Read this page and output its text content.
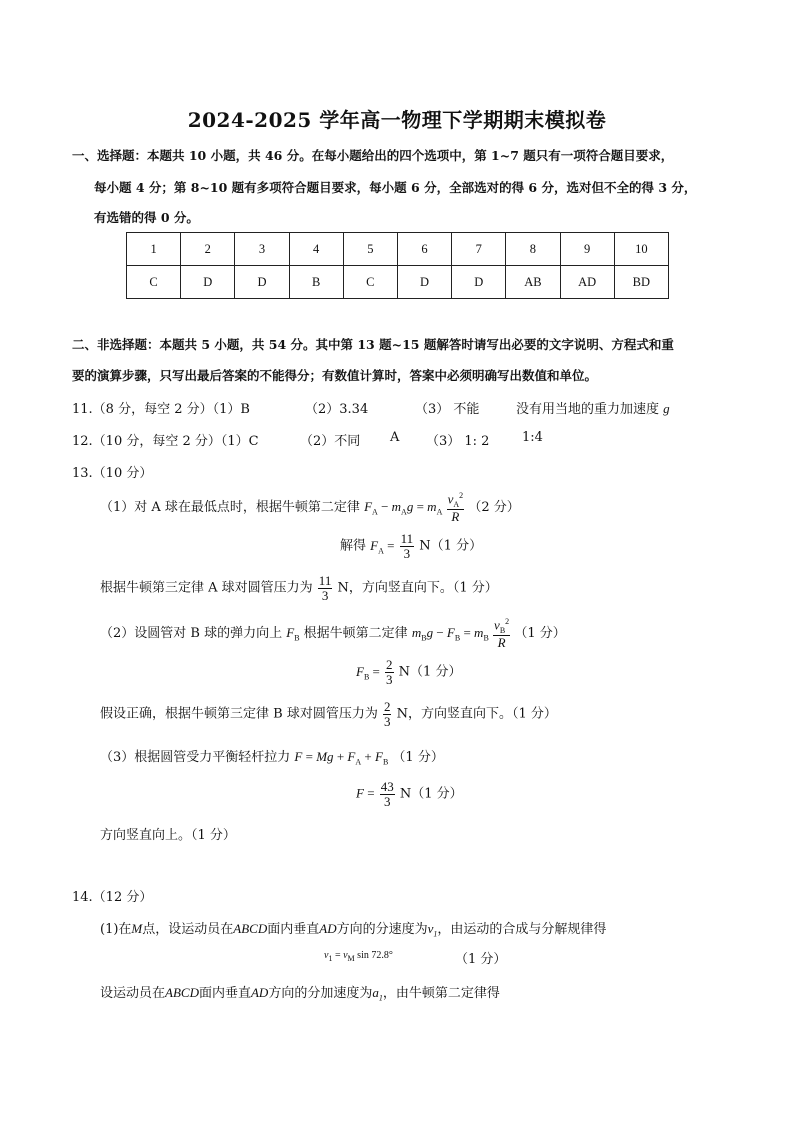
2024-2025 学年高一物理下学期期末模拟卷
一、选择题：本题共 10 小题，共 46 分。在每小题给出的四个选项中，第 1~7 题只有一项符合题目要求，
每小题 4 分；第 8~10 题有多项符合题目要求，每小题 6 分，全部选对的得 6 分，选对但不全的得 3 分，
有选错的得 0 分。
1	2	3	4	5	6	7	8	9	10
C	D	D	B	C	D	D	AB	AD	BD
二、非选择题：本题共 5 小题，共 54 分。其中第 13 题~15 题解答时请写出必要的文字说明、方程式和重
要的演算步骤，只写出最后答案的不能得分；有数值计算时，答案中必须明确写出数值和单位。
11.（8 分，每空 2 分）（1）B	（2）3.34	（3） 不能	没有用当地的重力加速度 g
12.（10 分，每空 2 分）（1）C	（2）不同 A （3） 1: 2	1:4
13.（10 分）
（1）对 A 球在最低点时，根据牛顿第二定律 $F_A - m_Ag = m_A \frac{v_A^2}{R} (2$ 分）
解得 $F_A = \frac{11}{3} N(1$ 分）
根据牛顿第三定律 A 球对圆管压力为 $\frac{11}{3}$ N，方向竖直向下。（1 分）
（2）设圆管对 B 球的弹力向上 $F_B$ 根据牛顿第二定律 $m_Bg - F_B = m_B \frac{v_B^2}{R} (1$ 分）
$F_B = \frac{2}{3} N(1$ 分）
假设正确，根据牛顿第三定律 B 球对圆管压力为 $\frac{2}{3}$ N，方向竖直向下。（1 分）
（3）根据圆管受力平衡轻杆拉力 $F = Mg + F_A + F_B$ （1 分）
$F = \frac{43}{3} N(1$ 分）
方向竖直向上。（1 分）
14.（12 分）
(1)在M点，设运动员在ABCD面内垂直AD方向的分速度为$v_1$，由运动的合成与分解规律得
$v_1 = v_M$ sin 72.8°	（1 分）
设运动员在ABCD面内垂直AD方向的分加速度为$a_1$，由牛顿第二定律得
